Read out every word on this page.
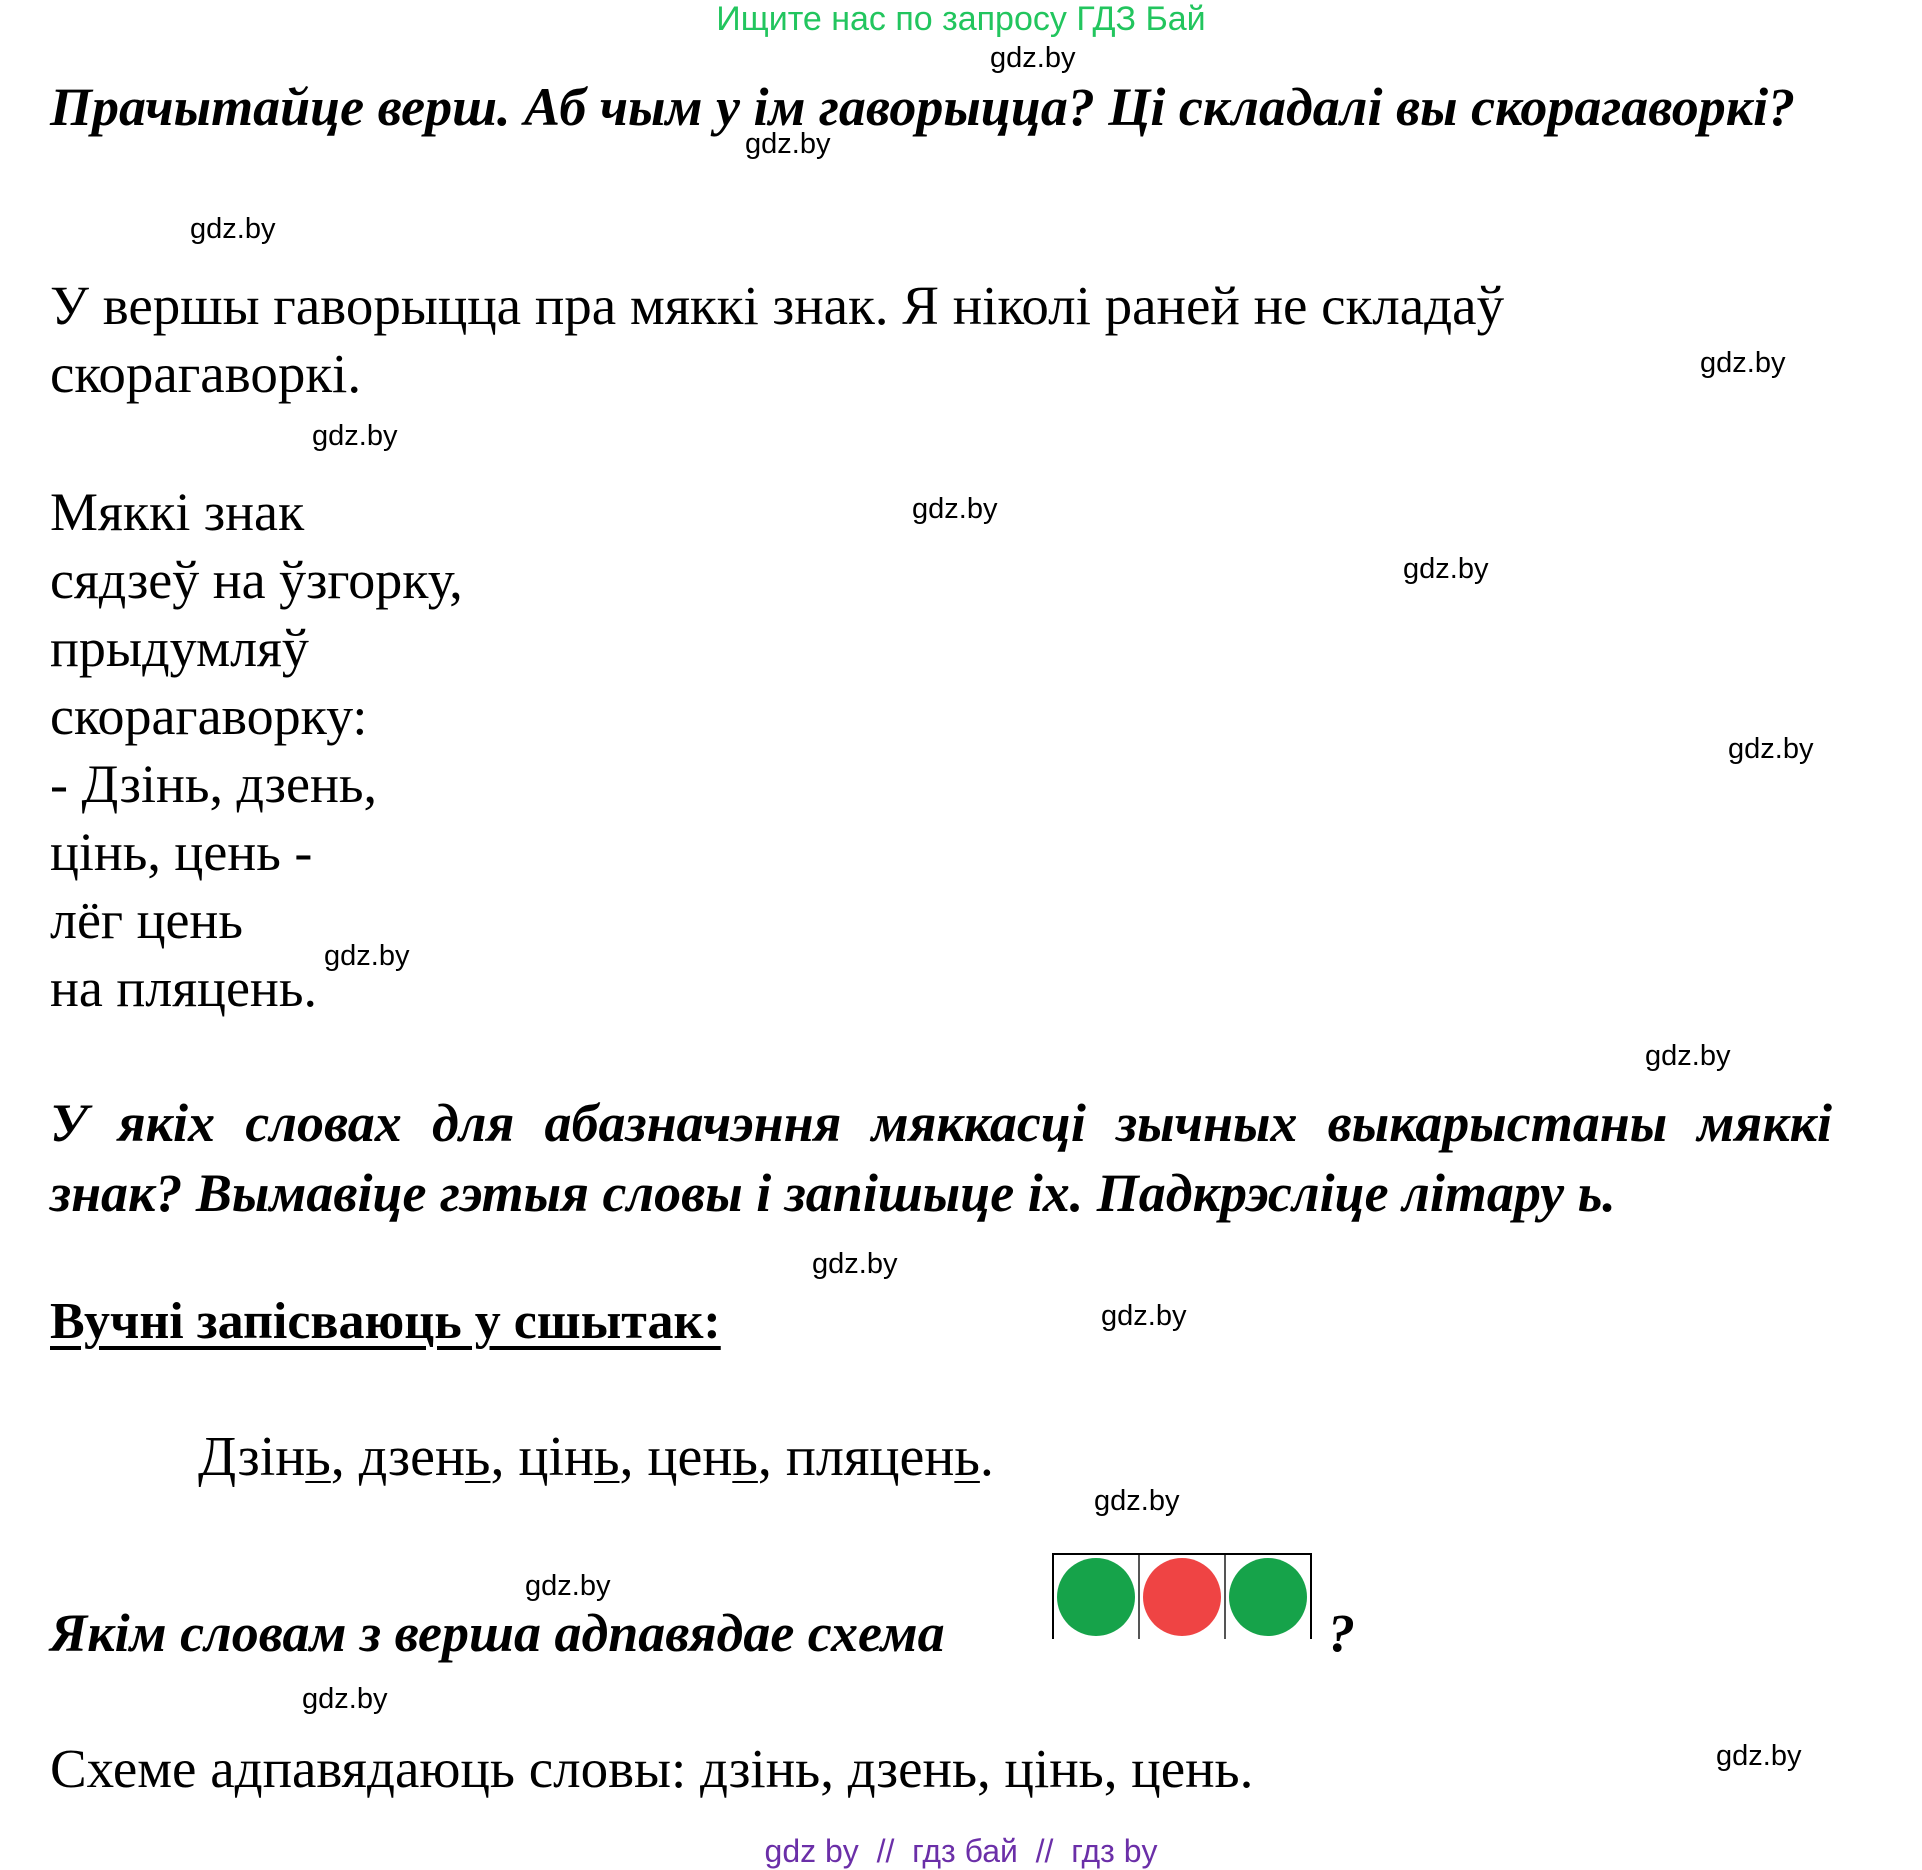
Ищите нас по запросу ГДЗ Бай
gdz.by
gdz.by
gdz.by
gdz.by
gdz.by
gdz.by
gdz.by
gdz.by
gdz.by
gdz.by
gdz.by
gdz.by
gdz.by
gdz.by
gdz.by
gdz.by
Прачытайце верш. Аб чым у ім гаворыцца? Ці складалі вы скорагаворкі?
У вершы гаворыцца пра мяккі знак. Я ніколі раней не складаў
скорагаворкі.
Мяккі знак
сядзеў на ўзгорку,
прыдумляў
скорагаворку:
- Дзінь, дзень,
цінь, цень -
лёг цень
на пляцень.
У якіх словах для абазначэння мяккасці зычных выкарыстаны мяккі знак? Вымавіце гэтыя словы і запішыце іх. Падкрэсліце літару ь.
Вучні запісваюць у сшытак:
Дзінь, дзень, цінь, цень, пляцень.
Якім словам з верша адпавядае схема	?
Схеме адпавядаюць словы: дзінь, дзень, цінь, цень.
gdz by  //  гдз бай  //  гдз by
